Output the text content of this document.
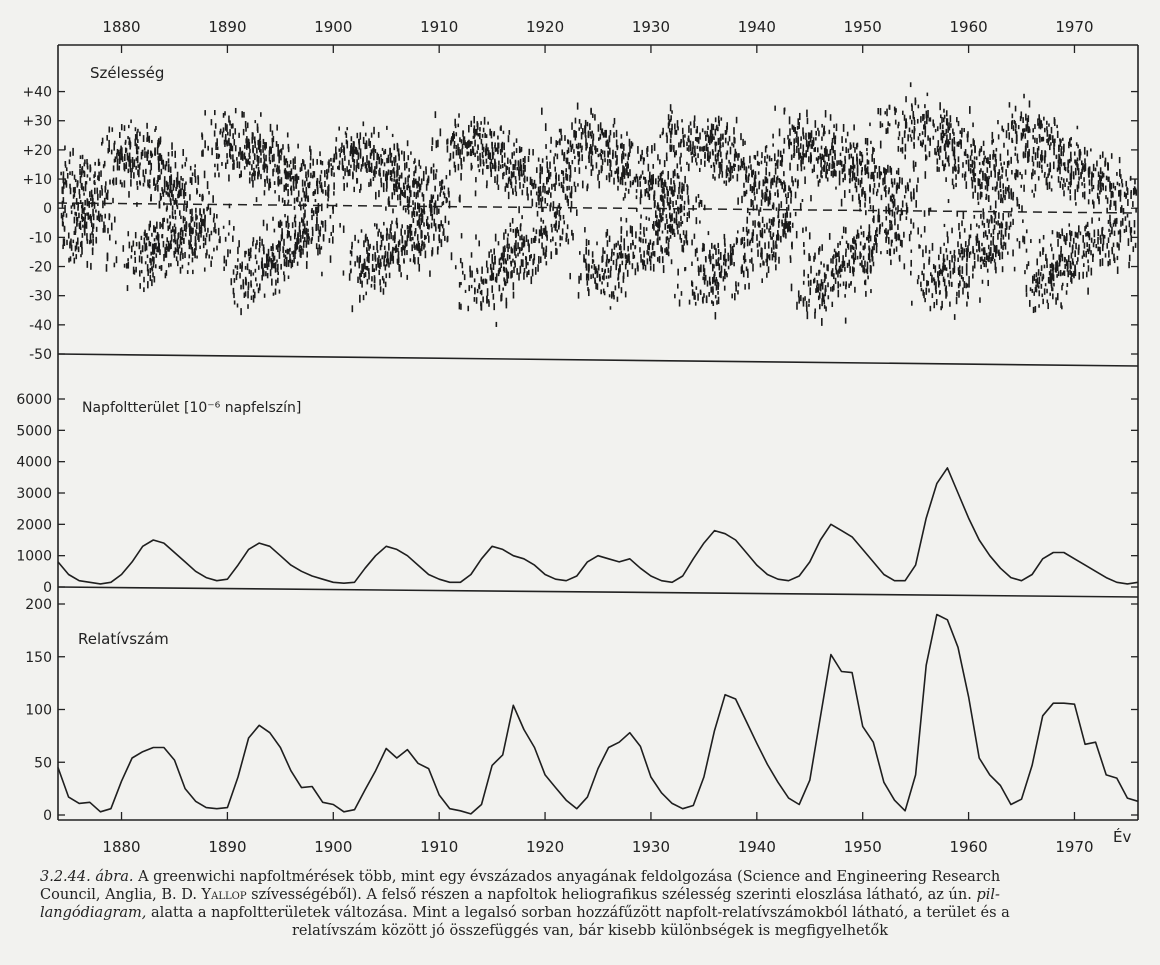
1880	1890	1900	1910	1920	1930	1940	1950	1960	1970
1880	1890	1900	1910	1920	1930	1940	1950	1960	1970
Év
Szélesség
+40
+30
+20
+10
0
-10
-20
-30
-40
-50
Napfoltterület [10⁻⁶ napfelszín]
6000
5000
4000
3000
2000
1000
0
Relatívszám
200
150
100
50
0
3.2.44. ábra. A greenwichi napfoltmérések több, mint egy évszázados anyagának feldolgozása (Science and Engineering Research
Council, Anglia, B. D. Yallop szívességéből). A felső részen a napfoltok heliografikus szélesség szerinti eloszlása látható, az ún. pil-
langódiagram, alatta a napfoltterületek változása. Mint a legalsó sorban hozzáfűzött napfolt-relatívszámokból látható, a terület és a
relatívszám között jó összefüggés van, bár kisebb különbségek is megfigyelhetők
